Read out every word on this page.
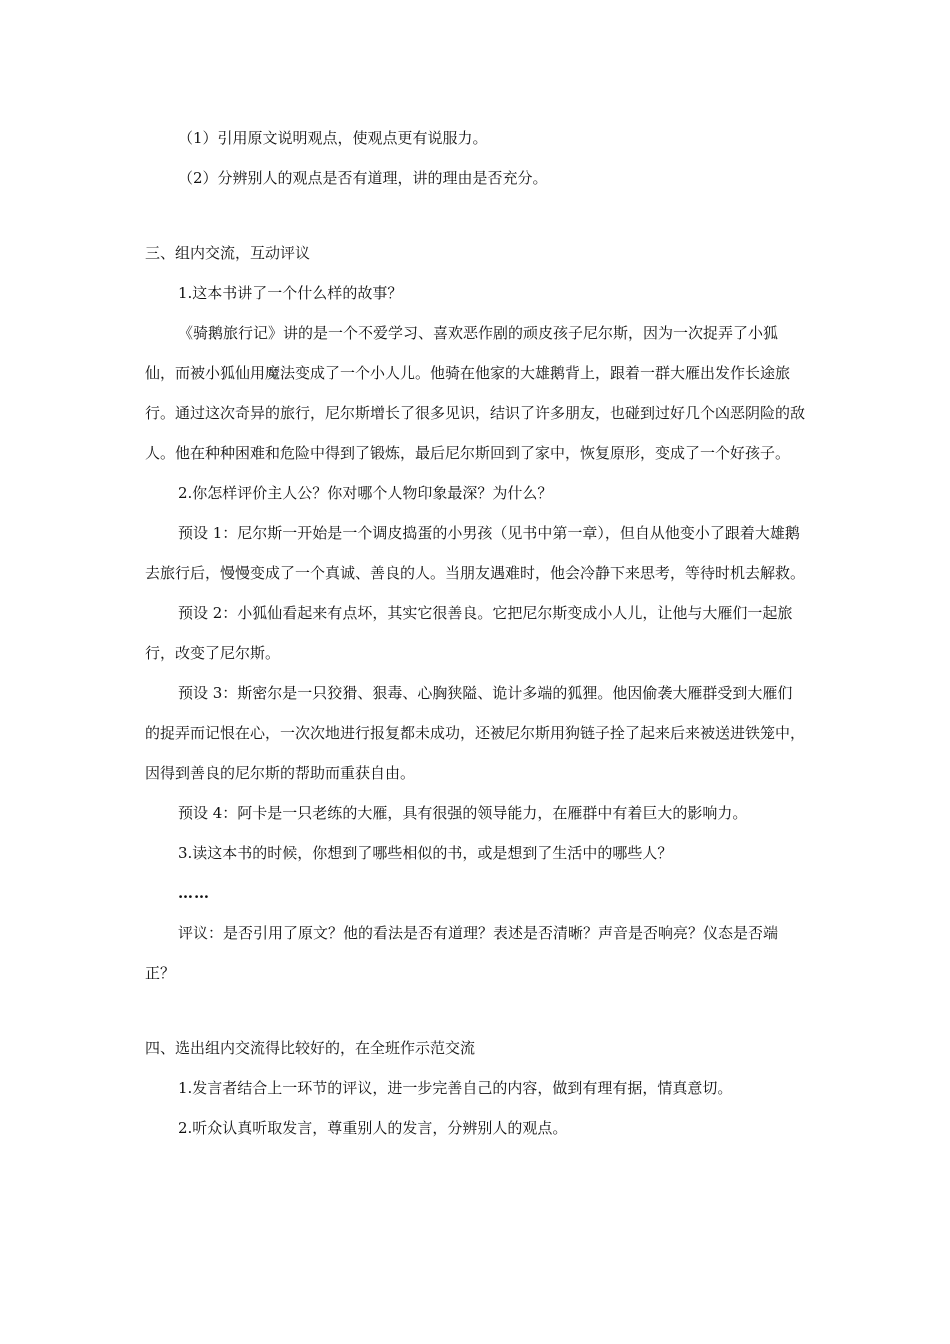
（1）引用原文说明观点，使观点更有说服力。

（2）分辨别人的观点是否有道理，讲的理由是否充分。

三、组内交流，互动评议

1.这本书讲了一个什么样的故事？

《骑鹅旅行记》讲的是一个不爱学习、喜欢恶作剧的顽皮孩子尼尔斯，因为一次捉弄了小狐仙，而被小狐仙用魔法变成了一个小人儿。他骑在他家的大雄鹅背上，跟着一群大雁出发作长途旅行。通过这次奇异的旅行，尼尔斯增长了很多见识，结识了许多朋友，也碰到过好几个凶恶阴险的敌人。他在种种困难和危险中得到了锻炼，最后尼尔斯回到了家中，恢复原形，变成了一个好孩子。

2.你怎样评价主人公？你对哪个人物印象最深？为什么？

预设 1：尼尔斯一开始是一个调皮捣蛋的小男孩（见书中第一章），但自从他变小了跟着大雄鹅去旅行后，慢慢变成了一个真诚、善良的人。当朋友遇难时，他会冷静下来思考，等待时机去解救。

预设 2：小狐仙看起来有点坏，其实它很善良。它把尼尔斯变成小人儿，让他与大雁们一起旅行，改变了尼尔斯。

预设 3：斯密尔是一只狡猾、狠毒、心胸狭隘、诡计多端的狐狸。他因偷袭大雁群受到大雁们的捉弄而记恨在心，一次次地进行报复都未成功，还被尼尔斯用狗链子拴了起来后来被送进铁笼中，因得到善良的尼尔斯的帮助而重获自由。

预设 4：阿卡是一只老练的大雁，具有很强的领导能力，在雁群中有着巨大的影响力。

3.读这本书的时候，你想到了哪些相似的书，或是想到了生活中的哪些人？

……

评议：是否引用了原文？他的看法是否有道理？表述是否清晰？声音是否响亮？仪态是否端正？

四、选出组内交流得比较好的，在全班作示范交流

1.发言者结合上一环节的评议，进一步完善自己的内容，做到有理有据，情真意切。

2.听众认真听取发言，尊重别人的发言，分辨别人的观点。
